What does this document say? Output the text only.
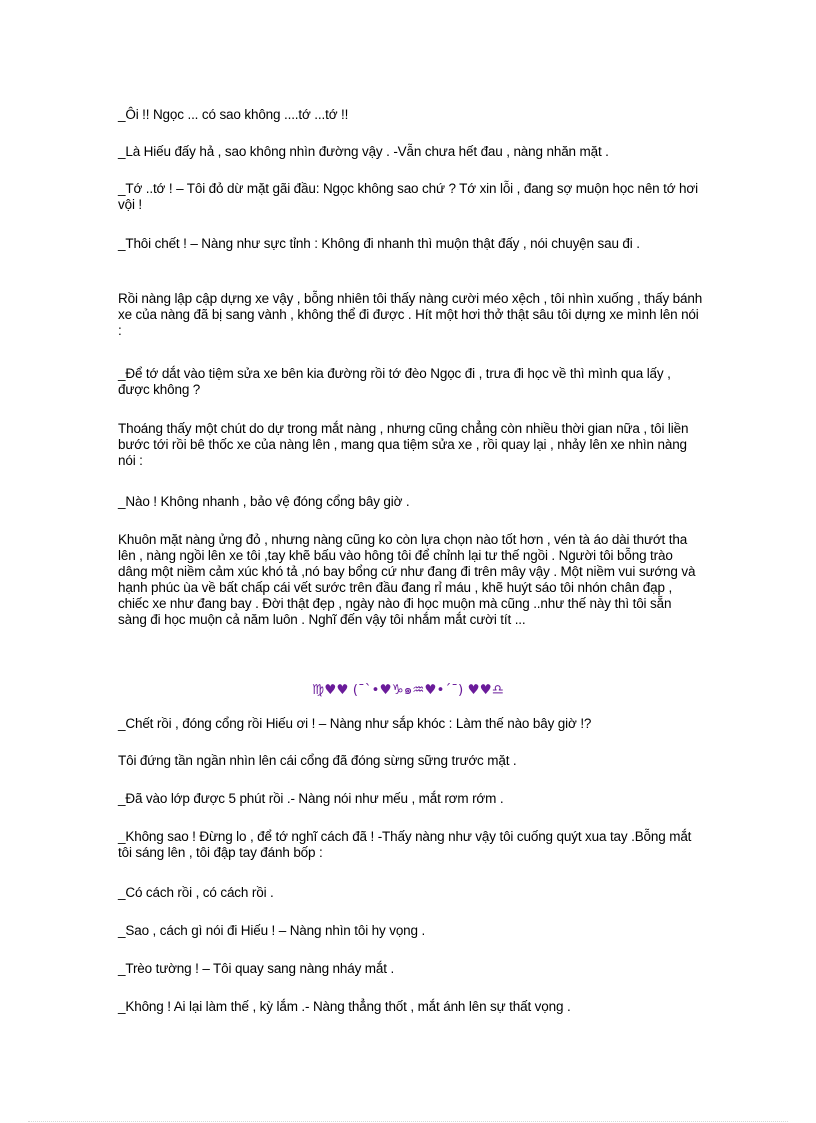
_Ôi !! Ngọc ... có sao không ....tớ ...tớ !!

_Là Hiếu đấy hả , sao không nhìn đường vậy . -Vẫn chưa hết đau , nàng nhăn mặt .

_Tớ ..tớ ! – Tôi đỏ dừ mặt gãi đầu: Ngọc không sao chứ ? Tớ xin lỗi , đang sợ muộn học nên tớ hơi vội !

_Thôi chết ! – Nàng như sực tỉnh : Không đi nhanh thì muộn thật đấy , nói chuyện sau đi .

Rồi nàng lập cập dựng xe vậy , bỗng nhiên tôi thấy nàng cười méo xệch , tôi nhìn xuống , thấy bánh xe của nàng đã bị sang vành , không thể đi được . Hít một hơi thở thật sâu tôi dựng xe mình lên nói :

_Để tớ dắt vào tiệm sửa xe bên kia đường rồi tớ đèo Ngọc đi , trưa đi học về thì mình qua lấy , được không ?

Thoáng thấy một chút do dự trong mắt nàng , nhưng cũng chẳng còn nhiều thời gian nữa , tôi liền bước tới rồi bê thốc xe của nàng lên , mang qua tiệm sửa xe , rồi quay lại , nhảy lên xe nhìn nàng nói :

_Nào ! Không nhanh , bảo vệ đóng cổng bây giờ .

Khuôn mặt nàng ửng đỏ , nhưng nàng cũng ko còn lựa chọn nào tốt hơn , vén tà áo dài thướt tha lên , nàng ngồi lên xe tôi ,tay khẽ bấu vào hông tôi để chỉnh lại tư thế ngồi . Người tôi bỗng trào dâng một niềm cảm xúc khó tả ,nó bay bổng cứ như đang đi trên mây vậy . Một niềm vui sướng và hạnh phúc ùa về bất chấp cái vết sước trên đầu đang rỉ máu , khẽ huýt sáo tôi nhón chân đạp , chiếc xe như đang bay . Đời thật đẹp , ngày nào đi học muộn mà cũng ..như thế này thì tôi sẵn sàng đi học muộn cả năm luôn . Nghĩ đến vậy tôi nhắm mắt cười tít ...

♍♥♥ (¯`•♥♑๑♒♥•´¯) ♥♥♎

_Chết rồi , đóng cổng rồi Hiếu ơi ! – Nàng như sắp khóc : Làm thế nào bây giờ !?

Tôi đứng tần ngần nhìn lên cái cổng đã đóng sừng sững trước mặt .

_Đã vào lớp được 5 phút rồi .- Nàng nói như mếu , mắt rơm rớm .

_Không sao ! Đừng lo , để tớ nghĩ cách đã ! -Thấy nàng như vậy tôi cuống quýt xua tay .Bỗng mắt tôi sáng lên , tôi đập tay đánh bốp :

_Có cách rồi , có cách rồi .

_Sao , cách gì nói đi Hiếu ! – Nàng nhìn tôi hy vọng .

_Trèo tường ! – Tôi quay sang nàng nháy mắt .

_Không ! Ai lại làm thế , kỳ lắm .- Nàng thẳng thốt , mắt ánh lên sự thất vọng .
